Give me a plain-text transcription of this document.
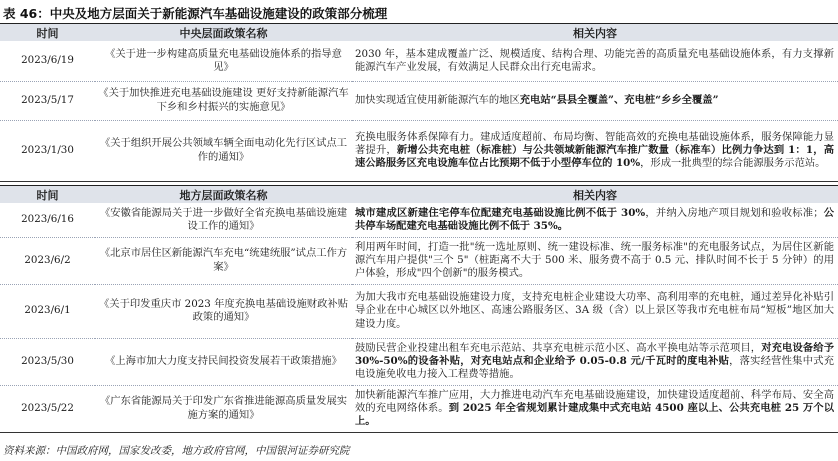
表 46：中央及地方层面关于新能源汽车基础设施建设的政策部分梳理
时间	中央层面政策名称	相关内容
2023/6/19	《关于进一步构建高质量充电基础设施体系的指导意见》	2030 年，基本建成覆盖广泛、规模适度、结构合理、功能完善的高质量充电基础设施体系，有力支撑新能源汽车产业发展，有效满足人民群众出行充电需求。
2023/5/17	《关于加快推进充电基础设施建设 更好支持新能源汽车下乡和乡村振兴的实施意见》	加快实现适宜使用新能源汽车的地区充电站“县县全覆盖”、充电桩“乡乡全覆盖”
2023/1/30	《关于组织开展公共领域车辆全面电动化先行区试点工作的通知》	充换电服务体系保障有力。建成适度超前、布局均衡、智能高效的充换电基础设施体系，服务保障能力显著提升，新增公共充电桩（标准桩）与公共领域新能源汽车推广数量（标准车）比例力争达到 1：1，高速公路服务区充电设施车位占比预期不低于小型停车位的 10%，形成一批典型的综合能源服务示范站。
时间	地方层面政策名称	相关内容
2023/6/16	《安徽省能源局关于进一步做好全省充换电基础设施建设工作的通知》	城市建成区新建住宅停车位配建充电基础设施比例不低于 30%，并纳入房地产项目规划和验收标准；公共停车场配建充电基础设施比例不低于 35%。
2023/6/2	《北京市居住区新能源汽车充电“统建统服”试点工作方案》	利用两年时间，打造一批"统一选址原则、统一建设标准、统一服务标准"的充电服务试点，为居住区新能源汽车用户提供"三个 5"（桩距离不大于 500 米、服务费不高于 0.5 元、排队时间不长于 5 分钟）的用户体验，形成"四个创新"的服务模式。
2023/6/1	《关于印发重庆市 2023 年度充换电基础设施财政补贴政策的通知》	为加大我市充电基础设施建设力度，支持充电桩企业建设大功率、高利用率的充电桩，通过差异化补贴引导企业在中心城区以外地区、高速公路服务区、3A 级（含）以上景区等我市充电桩布局“短板”地区加大建设力度。
2023/5/30	《上海市加大力度支持民间投资发展若干政策措施》	鼓励民营企业投建出租车充电示范站、共享充电桩示范小区、高水平换电站等示范项目，对充电设备给予 30%-50%的设备补贴，对充电站点和企业给予 0.05-0.8 元/千瓦时的度电补贴，落实经营性集中式充电设施免收电力接入工程费等措施。
2023/5/22	《广东省能源局关于印发广东省推进能源高质量发展实施方案的通知》	加快新能源汽车推广应用，大力推进电动汽车充电基础设施建设，加快建设适度超前、科学布局、安全高效的充电网络体系。到 2025 年全省规划累计建成集中式充电站 4500 座以上、公共充电桩 25 万个以上。
资料来源：中国政府网，国家发改委，地方政府官网，中国银河证券研究院
